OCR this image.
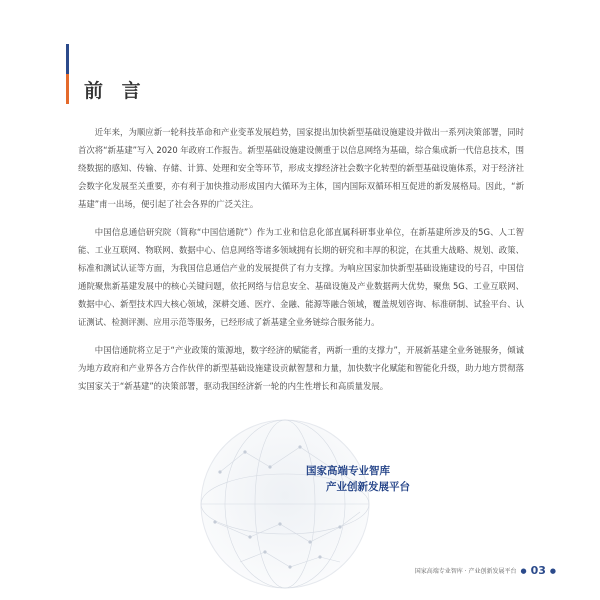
前 言

近年来，为顺应新一轮科技革命和产业变革发展趋势，国家提出加快新型基础设施建设并做出一系列决策部署，同时首次将“新基建”写入 2020 年政府工作报告。新型基础设施建设侧重于以信息网络为基础，综合集成新一代信息技术，围绕数据的感知、传输、存储、计算、处理和安全等环节，形成支撑经济社会数字化转型的新型基础设施体系，对于经济社会数字化发展至关重要，亦有利于加快推动形成国内大循环为主体，国内国际双循环相互促进的新发展格局。因此，“新基建”甫一出场，便引起了社会各界的广泛关注。

中国信息通信研究院（简称“中国信通院”）作为工业和信息化部直属科研事业单位，在新基建所涉及的5G、人工智能、工业互联网、物联网、数据中心、信息网络等诸多领域拥有长期的研究和丰厚的积淀，在其重大战略、规划、政策、标准和测试认证等方面，为我国信息通信产业的发展提供了有力支撑。为响应国家加快新型基础设施建设的号召，中国信通院聚焦新基建发展中的核心关键问题，依托网络与信息安全、基础设施及产业数据两大优势，聚焦 5G、工业互联网、数据中心、新型技术四大核心领域，深耕交通、医疗、金融、能源等融合领域，覆盖规划咨询、标准研制、试验平台、认证测试、检测评测、应用示范等服务，已经形成了新基建全业务链综合服务能力。

中国信通院将立足于“产业政策的策源地，数字经济的赋能者，两新一重的支撑力”，开展新基建全业务链服务，倾诚为地方政府和产业界各方合作伙伴的新型基础设施建设贡献智慧和力量，加快数字化赋能和智能化升级，助力地方贯彻落实国家关于“新基建”的决策部署，驱动我国经济新一轮的内生性增长和高质量发展。

国家高端专业智库
产业创新发展平台
国家高端专业智库 · 产业创新发展平台 ● 03 ●
